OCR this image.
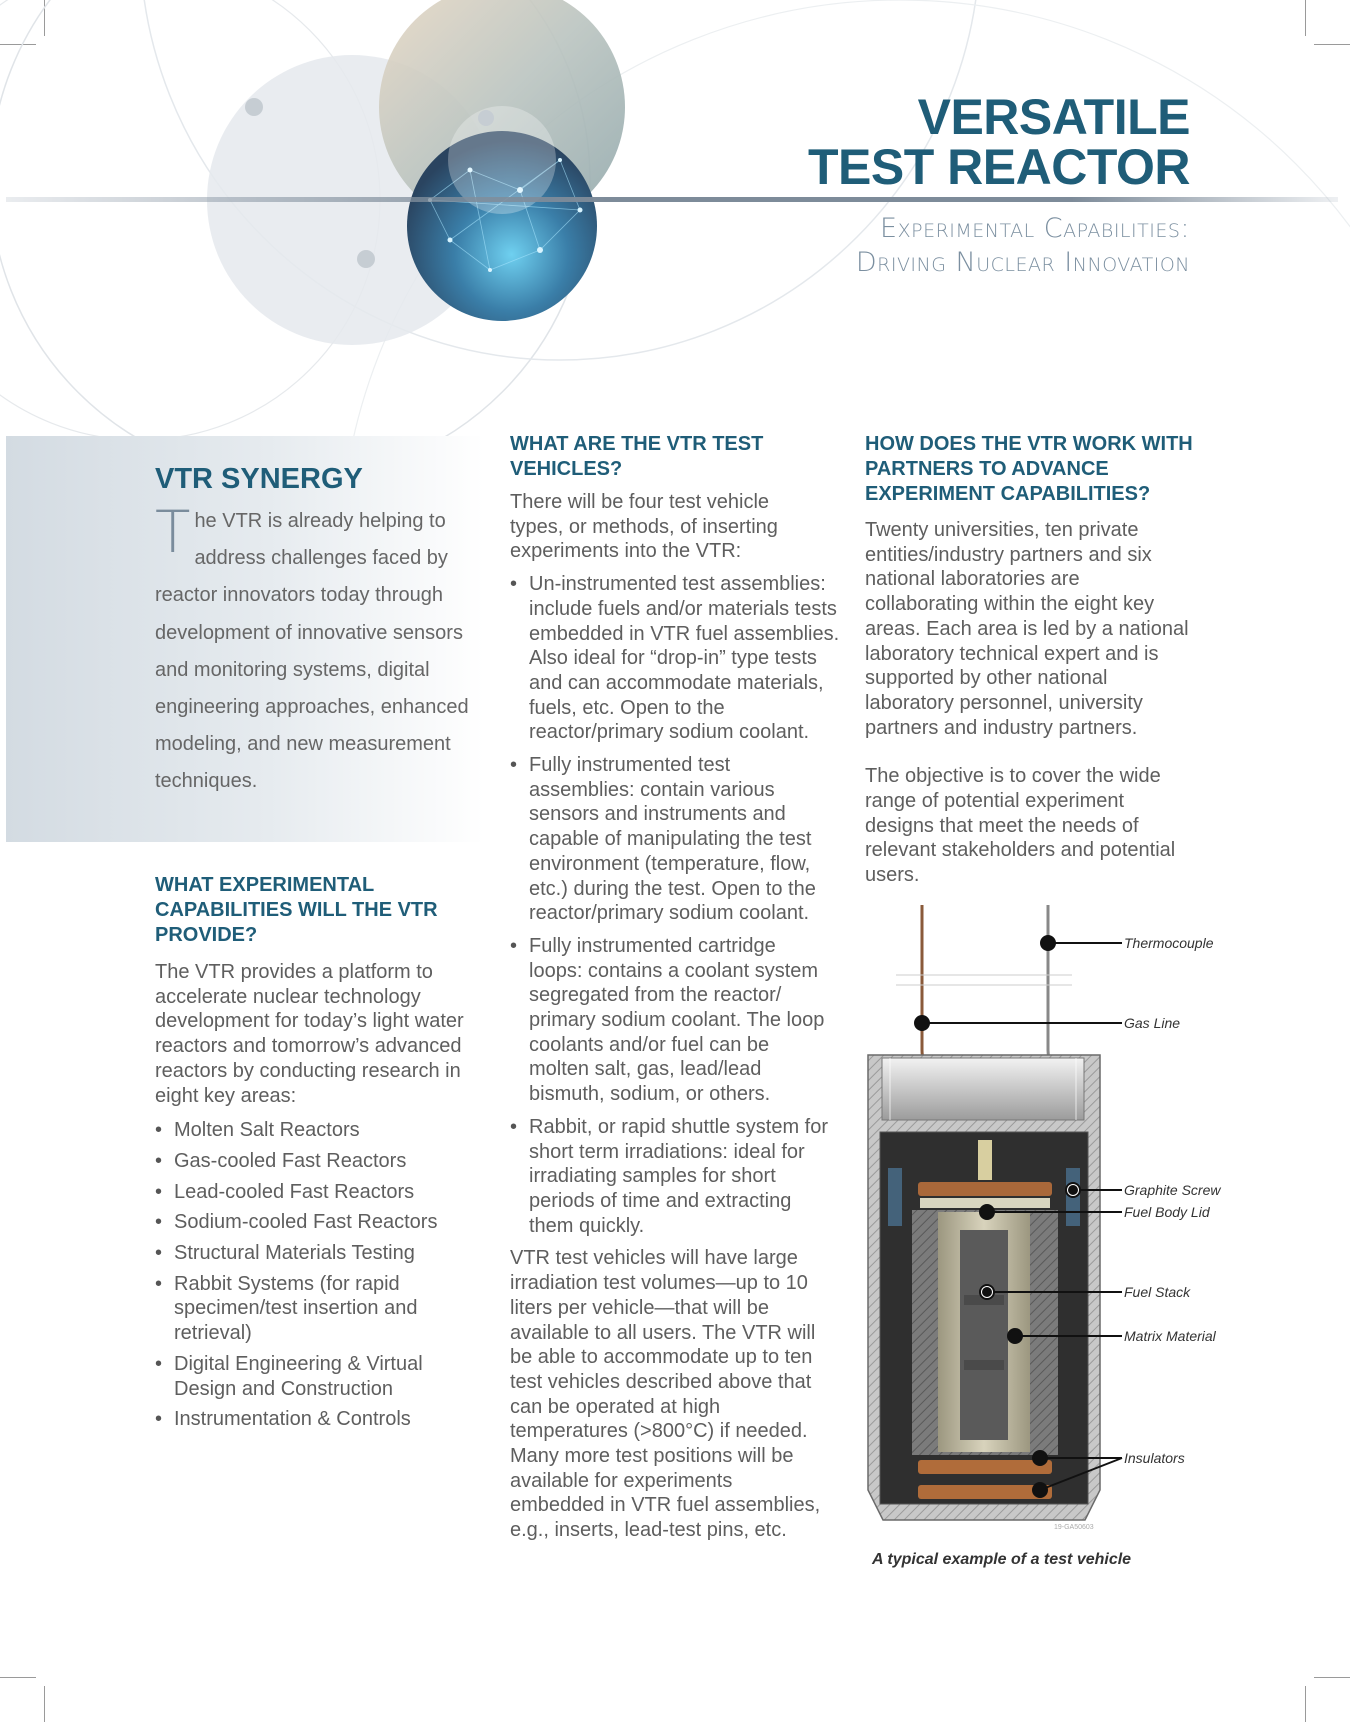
VERSATILE
TEST REACTOR
Experimental Capabilities:
Driving Nuclear Innovation
VTR SYNERGY
The VTR is already helping to address challenges faced by reactor innovators today through development of innovative sensors and monitoring systems, digital engineering approaches, enhanced modeling, and new measurement techniques.
WHAT EXPERIMENTAL CAPABILITIES WILL THE VTR PROVIDE?

The VTR provides a platform to accelerate nuclear technology development for today’s light water reactors and tomorrow’s advanced reactors by conducting research in eight key areas:

• Molten Salt Reactors
• Gas-cooled Fast Reactors
• Lead-cooled Fast Reactors
• Sodium-cooled Fast Reactors
• Structural Materials Testing
• Rabbit Systems (for rapid specimen/test insertion and retrieval)
• Digital Engineering & Virtual Design and Construction
• Instrumentation & Controls
WHAT ARE THE VTR TEST VEHICLES?

There will be four test vehicle types, or methods, of inserting experiments into the VTR:

• Un-instrumented test assemblies: include fuels and/or materials tests embedded in VTR fuel assemblies. Also ideal for “drop-in” type tests and can accommodate materials, fuels, etc. Open to the reactor/primary sodium coolant.
• Fully instrumented test assemblies: contain various sensors and instruments and capable of manipulating the test environment (temperature, flow, etc.) during the test. Open to the reactor/primary sodium coolant.
• Fully instrumented cartridge loops: contains a coolant system segregated from the reactor/ primary sodium coolant. The loop coolants and/or fuel can be molten salt, gas, lead/lead bismuth, sodium, or others.
• Rabbit, or rapid shuttle system for short term irradiations: ideal for irradiating samples for short periods of time and extracting them quickly.

VTR test vehicles will have large irradiation test volumes—up to 10 liters per vehicle—that will be available to all users. The VTR will be able to accommodate up to ten test vehicles described above that can be operated at high temperatures (>800°C) if needed. Many more test positions will be available for experiments embedded in VTR fuel assemblies, e.g., inserts, lead-test pins, etc.

HOW DOES THE VTR WORK WITH PARTNERS TO ADVANCE EXPERIMENT CAPABILITIES?

Twenty universities, ten private entities/industry partners and six national laboratories are collaborating within the eight key areas. Each area is led by a national laboratory technical expert and is supported by other national laboratory personnel, university partners and industry partners.

The objective is to cover the wide range of potential experiment designs that meet the needs of relevant stakeholders and potential users.

Thermocouple
Gas Line
Graphite Screw
Fuel Body Lid
Fuel Stack
Matrix Material
Insulators
19-GA50603
A typical example of a test vehicle
